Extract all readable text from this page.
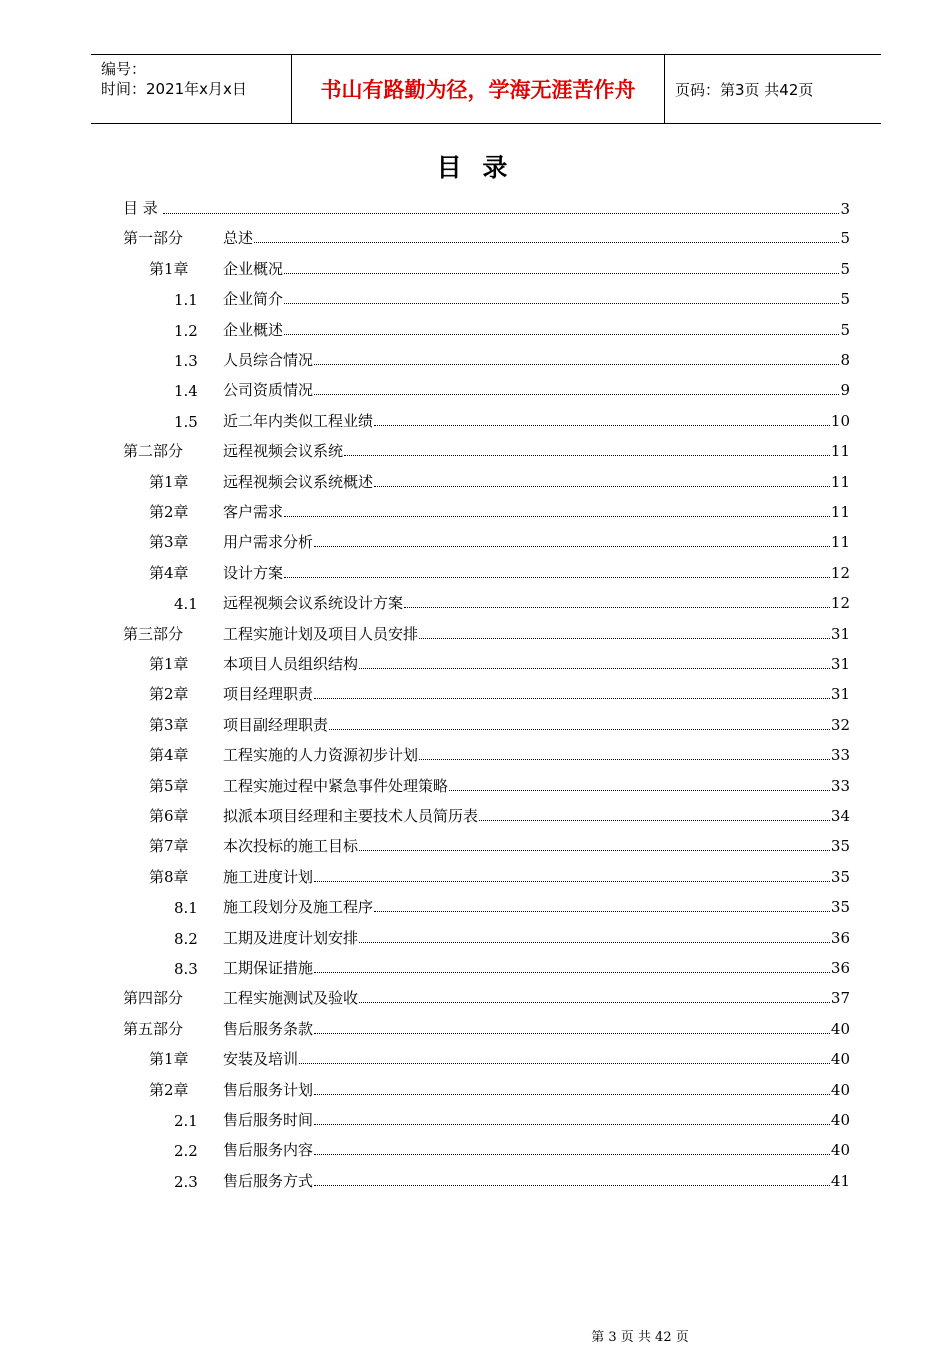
编号：
时间：2021年x月x日	书山有路勤为径，学海无涯苦作舟	页码：第3页 共42页
目 录
目 录	3
第一部分	总述	5
第1章 企业概况	5
1.1 企业简介	5
1.2 企业概述	5
1.3 人员综合情况	8
1.4 公司资质情况	9
1.5 近二年内类似工程业绩	10
第二部分	远程视频会议系统	11
第1章 远程视频会议系统概述	11
第2章 客户需求	11
第3章 用户需求分析	11
第4章 设计方案	12
4.1 远程视频会议系统设计方案	12
第三部分	工程实施计划及项目人员安排	31
第1章 本项目人员组织结构	31
第2章 项目经理职责	31
第3章 项目副经理职责	32
第4章 工程实施的人力资源初步计划	33
第5章 工程实施过程中紧急事件处理策略	33
第6章 拟派本项目经理和主要技术人员简历表	34
第7章 本次投标的施工目标	35
第8章 施工进度计划	35
8.1 施工段划分及施工程序	35
8.2 工期及进度计划安排	36
8.3 工期保证措施	36
第四部分	工程实施测试及验收	37
第五部分	售后服务条款	40
第1章 安装及培训	40
第2章 售后服务计划	40
2.1 售后服务时间	40
2.2 售后服务内容	40
2.3 售后服务方式	41
第 3 页 共 42 页
